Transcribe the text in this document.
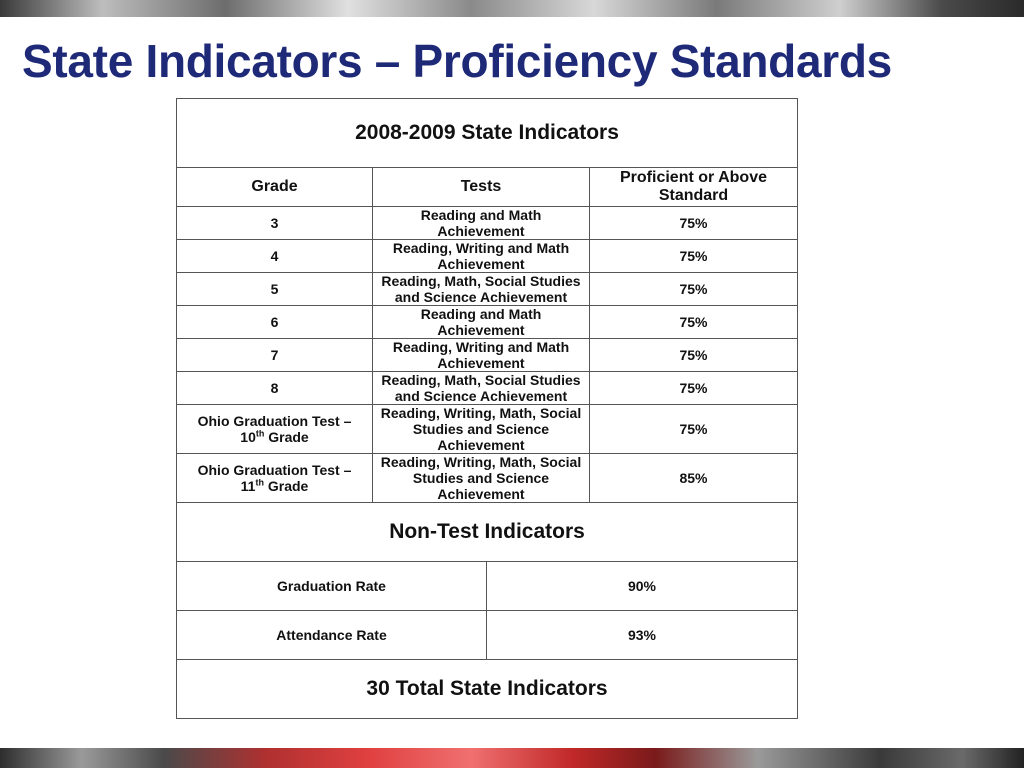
State Indicators – Proficiency Standards
2008-2009 State Indicators			
Grade	Tests		Proficient or Above Standard
3	Reading and Math Achievement		75%
4	Reading, Writing and Math Achievement		75%
5	Reading, Math, Social Studies and Science Achievement		75%
6	Reading and Math Achievement		75%
7	Reading, Writing and Math Achievement		75%
8	Reading, Math, Social Studies and Science Achievement		75%
Ohio Graduation Test –
10th Grade	Reading, Writing, Math, Social Studies and Science Achievement		75%
Ohio Graduation Test –
11th Grade	Reading, Writing, Math, Social Studies and Science Achievement		85%
Non-Test Indicators			
Graduation Rate		90%	
Attendance Rate		93%	
30 Total State Indicators			
